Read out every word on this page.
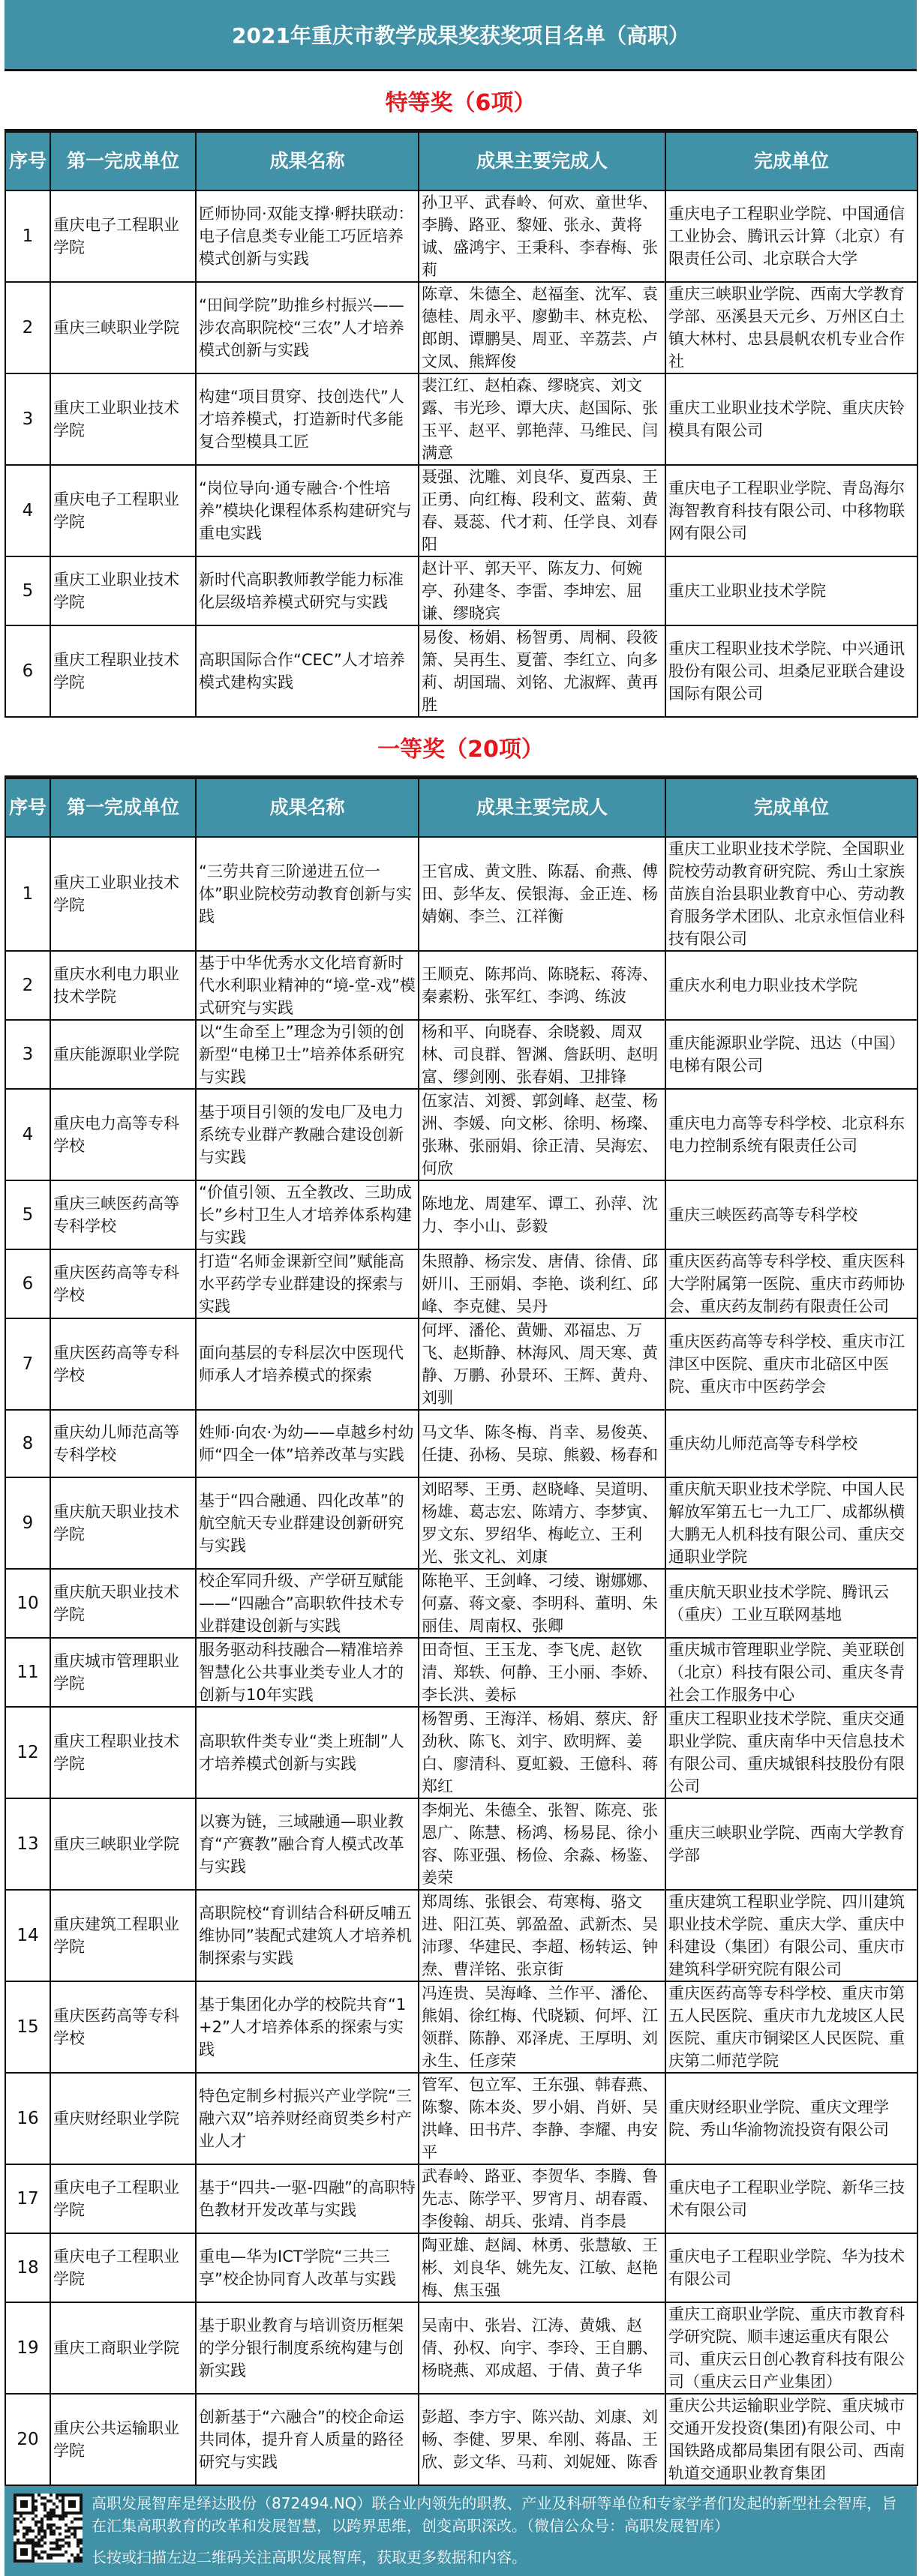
2021年重庆市教学成果奖获奖项目名单（高职）
特等奖（6项）
序号	第一完成单位	成果名称	成果主要完成人	完成单位
1	重庆电子工程职业学院	匠师协同·双能支撑·孵扶联动：电子信息类专业能工巧匠培养模式创新与实践	孙卫平、武春岭、何欢、童世华、李腾、路亚、黎娅、张永、黄将诚、盛鸿宇、王秉科、李春梅、张莉	重庆电子工程职业学院、中国通信工业协会、腾讯云计算（北京）有限责任公司、北京联合大学
2	重庆三峡职业学院	“田间学院”助推乡村振兴——涉农高职院校“三农”人才培养模式创新与实践	陈章、朱德全、赵福奎、沈军、袁德桂、周永平、廖勤丰、林克松、郎朗、谭鹏昊、周亚、辛荔芸、卢文凤、熊辉俊	重庆三峡职业学院、西南大学教育学部、巫溪县天元乡、万州区白土镇大林村、忠县晨帆农机专业合作社
3	重庆工业职业技术学院	构建“项目贯穿、技创迭代”人才培养模式，打造新时代多能复合型模具工匠	裴江红、赵柏森、缪晓宾、刘文露、韦光珍、谭大庆、赵国际、张玉平、赵平、郭艳萍、马维民、闫满意	重庆工业职业技术学院、重庆庆铃模具有限公司
4	重庆电子工程职业学院	“岗位导向·通专融合·个性培养”模块化课程体系构建研究与重电实践	聂强、沈雕、刘良华、夏西泉、王正勇、向红梅、段利文、蓝菊、黄春、聂蕊、代才莉、任学良、刘春阳	重庆电子工程职业学院、青岛海尔海智教育科技有限公司、中移物联网有限公司
5	重庆工业职业技术学院	新时代高职教师教学能力标准化层级培养模式研究与实践	赵计平、郭天平、陈友力、何婉亭、孙建冬、李雷、李坤宏、屈谦、缪晓宾	重庆工业职业技术学院
6	重庆工程职业技术学院	高职国际合作“CEC”人才培养模式建构实践	易俊、杨娟、杨智勇、周桐、段筱箫、吴再生、夏蕾、李红立、向多莉、胡国瑞、刘铭、尤淑辉、黄再胜	重庆工程职业技术学院、中兴通讯股份有限公司、坦桑尼亚联合建设国际有限公司
一等奖（20项）
序号	第一完成单位	成果名称	成果主要完成人	完成单位
1	重庆工业职业技术学院	“三劳共育三阶递进五位一体”职业院校劳动教育创新与实践	王官成、黄文胜、陈磊、俞燕、傅田、彭华友、侯银海、金正连、杨婧娴、李兰、江祥衡	重庆工业职业技术学院、全国职业院校劳动教育研究院、秀山土家族苗族自治县职业教育中心、劳动教育服务学术团队、北京永恒信业科技有限公司
2	重庆水利电力职业技术学院	基于中华优秀水文化培育新时代水利职业精神的“境-堂-戏”模式研究与实践	王顺克、陈邦尚、陈晓耘、蒋涛、秦素粉、张军红、李鸿、练波	重庆水利电力职业技术学院
3	重庆能源职业学院	以“生命至上”理念为引领的创新型“电梯卫士”培养体系研究与实践	杨和平、向晓春、余晓毅、周双林、司良群、智渊、詹跃明、赵明富、缪剑刚、张春娟、卫排锋	重庆能源职业学院、迅达（中国）电梯有限公司
4	重庆电力高等专科学校	基于项目引领的发电厂及电力系统专业群产教融合建设创新与实践	伍家洁、刘赟、郭剑峰、赵莹、杨洲、李媛、向文彬、徐明、杨璨、张琳、张丽娟、徐正清、吴海宏、何欣	重庆电力高等专科学校、北京科东电力控制系统有限责任公司
5	重庆三峡医药高等专科学校	“价值引领、五全教改、三助成长”乡村卫生人才培养体系构建与实践	陈地龙、周建军、谭工、孙萍、沈力、李小山、彭毅	重庆三峡医药高等专科学校
6	重庆医药高等专科学校	打造“名师金课新空间”赋能高水平药学专业群建设的探索与实践	朱照静、杨宗发、唐倩、徐倩、邱妍川、王丽娟、李艳、谈利红、邱峰、李克健、吴丹	重庆医药高等专科学校、重庆医科大学附属第一医院、重庆市药师协会、重庆药友制药有限责任公司
7	重庆医药高等专科学校	面向基层的专科层次中医现代师承人才培养模式的探索	何坪、潘伦、黄姗、邓福忠、万飞、赵斯静、林海风、周天寒、黄静、万鹏、孙景环、王辉、黄舟、刘驯	重庆医药高等专科学校、重庆市江津区中医院、重庆市北碚区中医院、重庆市中医药学会
8	重庆幼儿师范高等专科学校	姓师·向农·为幼——卓越乡村幼师“四全一体”培养改革与实践	马文华、陈冬梅、肖幸、易俊英、任捷、孙杨、吴琼、熊毅、杨春和	重庆幼儿师范高等专科学校
9	重庆航天职业技术学院	基于“四合融通、四化改革”的航空航天专业群建设创新研究与实践	刘昭琴、王勇、赵晓峰、吴道明、杨雄、葛志宏、陈靖方、李梦寅、罗文东、罗绍华、梅屹立、王利光、张文礼、刘康	重庆航天职业技术学院、中国人民解放军第五七一九工厂、成都纵横大鹏无人机科技有限公司、重庆交通职业学院
10	重庆航天职业技术学院	校企军同升级、产学研互赋能——“四融合”高职软件技术专业群建设创新与实践	陈艳平、王剑峰、刁绫、谢娜娜、何嘉、蒋文豪、李明科、董明、朱丽佳、周南权、张卿	重庆航天职业技术学院、腾讯云（重庆）工业互联网基地
11	重庆城市管理职业学院	服务驱动科技融合—精准培养智慧化公共事业类专业人才的创新与10年实践	田奇恒、王玉龙、李飞虎、赵钦清、郑轶、何静、王小丽、李娇、李长洪、姜标	重庆城市管理职业学院、美亚联创（北京）科技有限公司、重庆冬青社会工作服务中心
12	重庆工程职业技术学院	高职软件类专业“类上班制”人才培养模式创新与实践	杨智勇、王海洋、杨娟、蔡庆、舒劲秋、陈飞、刘宇、欧明辉、姜白、廖清科、夏虹毅、王億科、蒋郑红	重庆工程职业技术学院、重庆交通职业学院、重庆南华中天信息技术有限公司、重庆城银科技股份有限公司
13	重庆三峡职业学院	以赛为链，三域融通—职业教育“产赛教”融合育人模式改革与实践	李炯光、朱德全、张智、陈亮、张恩广、陈慧、杨鸿、杨易昆、徐小容、陈亚强、杨俭、余淼、杨鉴、姜荣	重庆三峡职业学院、西南大学教育学部
14	重庆建筑工程职业学院	高职院校“育训结合科研反哺五维协同”装配式建筑人才培养机制探索与实践	郑周练、张银会、苟寒梅、骆文进、阳江英、郭盈盈、武新杰、吴沛璆、华建民、李超、杨转运、钟焘、曹洋铭、张京街	重庆建筑工程职业学院、四川建筑职业技术学院、重庆大学、重庆中科建设（集团）有限公司、重庆市建筑科学研究院有限公司
15	重庆医药高等专科学校	基于集团化办学的校院共育“1+2”人才培养体系的探索与实践	冯连贵、吴海峰、兰作平、潘伦、熊娟、徐红梅、代晓颖、何坪、江领群、陈静、邓泽虎、王厚明、刘永生、任彦荣	重庆医药高等专科学校、重庆市第五人民医院、重庆市九龙坡区人民医院、重庆市铜梁区人民医院、重庆第二师范学院
16	重庆财经职业学院	特色定制乡村振兴产业学院“三融六双”培养财经商贸类乡村产业人才	管军、包立军、王东强、韩春燕、陈黎、陈本炎、罗小娟、肖妍、吴洪峰、田书芹、李静、李耀、冉安平	重庆财经职业学院、重庆文理学院、秀山华渝物流投资有限公司
17	重庆电子工程职业学院	基于“四共-一驱-四融”的高职特色教材开发改革与实践	武春岭、路亚、李贺华、李腾、鲁先志、陈学平、罗宵月、胡春霞、李俊翰、胡兵、张靖、肖李晨	重庆电子工程职业学院、新华三技术有限公司
18	重庆电子工程职业学院	重电—华为ICT学院“三共三享”校企协同育人改革与实践	陶亚雄、赵阔、林勇、张慧敏、王彬、刘良华、姚先友、江敏、赵艳梅、焦玉强	重庆电子工程职业学院、华为技术有限公司
19	重庆工商职业学院	基于职业教育与培训资历框架的学分银行制度系统构建与创新实践	吴南中、张岩、江涛、黄娥、赵倩、孙权、向宇、李玲、王自鹏、杨晓燕、邓成超、于倩、黄子华	重庆工商职业学院、重庆市教育科学研究院、顺丰速运重庆有限公司、重庆云日创心教育科技有限公司（重庆云日产业集团）
20	重庆公共运输职业学院	创新基于“六融合”的校企命运共同体，提升育人质量的路径研究与实践	彭超、李方宇、陈兴劼、刘康、刘畅、李健、罗果、牟刚、蒋晶、王欣、彭文华、马莉、刘妮娅、陈香	重庆公共运输职业学院、重庆城市交通开发投资(集团)有限公司、中国铁路成都局集团有限公司、西南轨道交通职业教育集团
高职发展智库是绎达股份（872494.NQ）联合业内领先的职教、产业及科研等单位和专家学者们发起的新型社会智库，旨在汇集高职教育的改革和发展智慧，以跨界思维，创变高职深改。（微信公众号：高职发展智库）
长按或扫描左边二维码关注高职发展智库，获取更多数据和内容。
